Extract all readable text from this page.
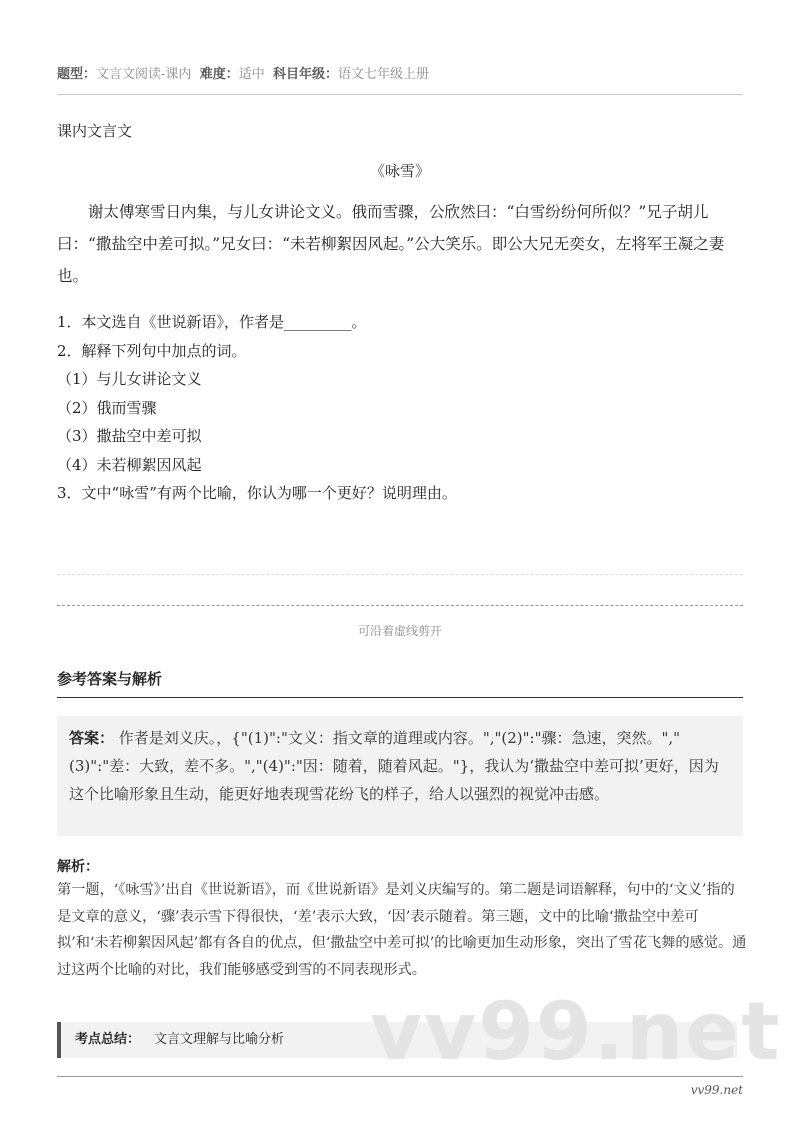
题型：文言文阅读-课内 难度：适中 科目年级：语文七年级上册
课内文言文
《咏雪》
谢太傅寒雪日内集，与儿女讲论文义。俄而雪骤，公欣然曰：“白雪纷纷何所似？”兄子胡儿曰：“撒盐空中差可拟。”兄女曰：“未若柳絮因风起。”公大笑乐。即公大兄无奕女，左将军王凝之妻也。
1．本文选自《世说新语》，作者是_________。
2．解释下列句中加点的词。
（1）与儿女讲论文义
（2）俄而雪骤
（3）撒盐空中差可拟
（4）未若柳絮因风起
3．文中“咏雪”有两个比喻，你认为哪一个更好？说明理由。
可沿着虚线剪开
参考答案与解析
答案： 作者是刘义庆。，{"(1)":"文义：指文章的道理或内容。","(2)":"骤：急速，突然。","(3)":"差：大致，差不多。","(4)":"因：随着，随着风起。"}，我认为‘撒盐空中差可拟’更好，因为这个比喻形象且生动，能更好地表现雪花纷飞的样子，给人以强烈的视觉冲击感。
解析：
第一题，‘《咏雪》’出自《世说新语》，而《世说新语》是刘义庆编写的。第二题是词语解释，句中的‘文义’指的是文章的意义，‘骤’表示雪下得很快，‘差’表示大致，‘因’表示随着。第三题，文中的比喻‘撒盐空中差可拟’和‘未若柳絮因风起’都有各自的优点，但‘撒盐空中差可拟’的比喻更加生动形象，突出了雪花飞舞的感觉。通过这两个比喻的对比，我们能够感受到雪的不同表现形式。
考点总结： 文言文理解与比喻分析	vv99.net
vv99.net
